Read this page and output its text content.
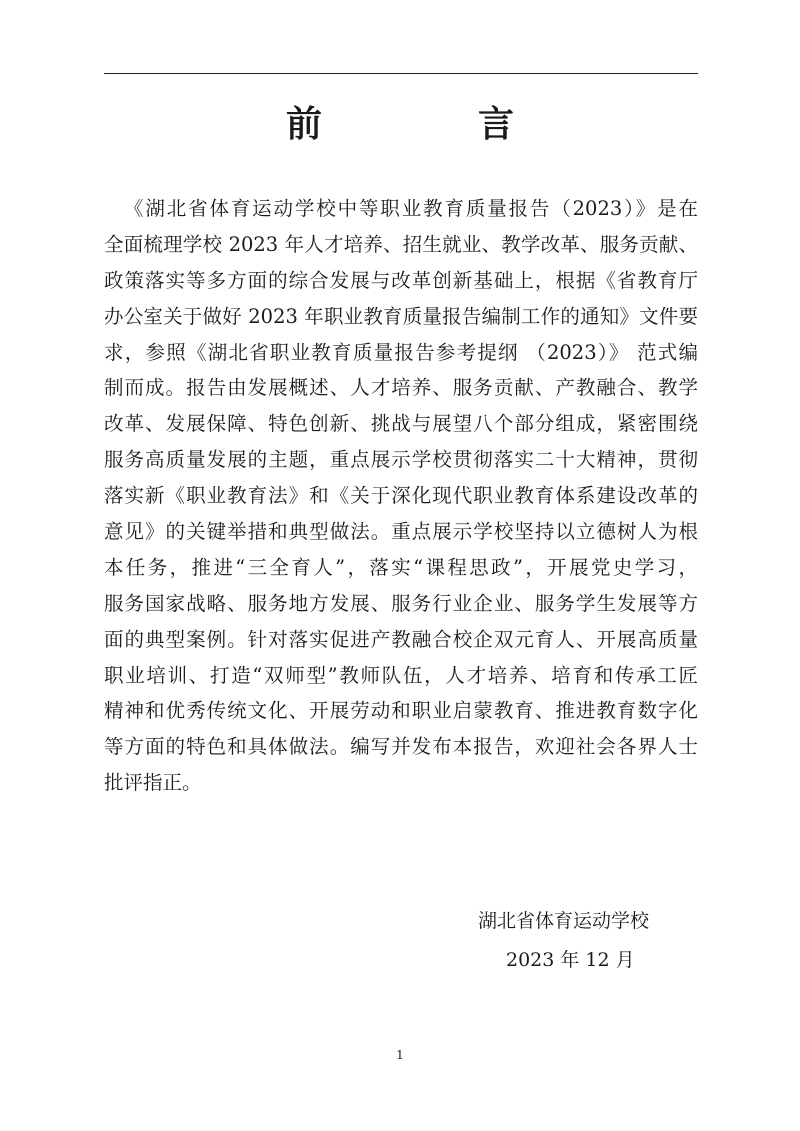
前　言
《湖北省体育运动学校中等职业教育质量报告（2023）》是在
全面梳理学校 2023 年人才培养、招生就业、教学改革、服务贡献、
政策落实等多方面的综合发展与改革创新基础上，根据《省教育厅
办公室关于做好 2023 年职业教育质量报告编制工作的通知》文件要
求，参照《湖北省职业教育质量报告参考提纲 （2023）》 范式编
制而成。报告由发展概述、人才培养、服务贡献、产教融合、教学
改革、发展保障、特色创新、挑战与展望八个部分组成，紧密围绕
服务高质量发展的主题，重点展示学校贯彻落实二十大精神，贯彻
落实新《职业教育法》和《关于深化现代职业教育体系建设改革的
意见》的关键举措和典型做法。重点展示学校坚持以立德树人为根
本任务，推进“三全育人”，落实“课程思政”，开展党史学习，
服务国家战略、服务地方发展、服务行业企业、服务学生发展等方
面的典型案例。针对落实促进产教融合校企双元育人、开展高质量
职业培训、打造“双师型”教师队伍，人才培养、培育和传承工匠
精神和优秀传统文化、开展劳动和职业启蒙教育、推进教育数字化
等方面的特色和具体做法。编写并发布本报告，欢迎社会各界人士
批评指正。
湖北省体育运动学校
2023 年 12 月
1
